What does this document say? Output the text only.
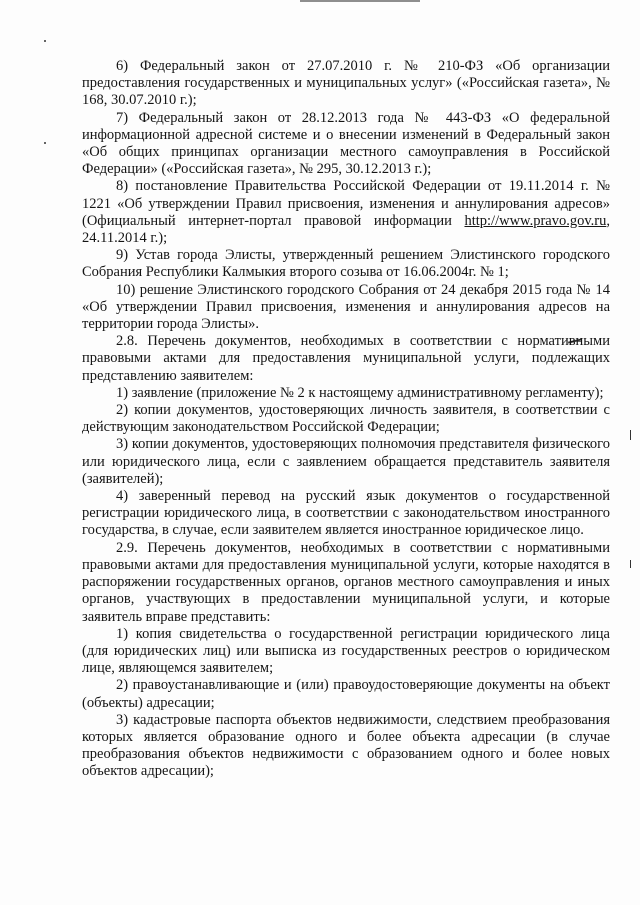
6) Федеральный закон от 27.07.2010 г. № 210-ФЗ «Об организации предоставления государственных и муниципальных услуг» («Российская газета», № 168, 30.07.2010 г.);

7) Федеральный закон от 28.12.2013 года № 443-ФЗ «О федеральной информационной адресной системе и о внесении изменений в Федеральный закон «Об общих принципах организации местного самоуправления в Российской Федерации» («Российская газета», № 295, 30.12.2013 г.);

8) постановление Правительства Российской Федерации от 19.11.2014 г. № 1221 «Об утверждении Правил присвоения, изменения и аннулирования адресов» (Официальный интернет-портал правовой информации http://www.pravo.gov.ru, 24.11.2014 г.);

9) Устав города Элисты, утвержденный решением Элистинского городского Собрания Республики Калмыкия второго созыва от 16.06.2004г. № 1;

10) решение Элистинского городского Собрания от 24 декабря 2015 года № 14 «Об утверждении Правил присвоения, изменения и аннулирования адресов на территории города Элисты».

2.8. Перечень документов, необходимых в соответствии с нормативными правовыми актами для предоставления муниципальной услуги, подлежащих представлению заявителем:

1) заявление (приложение № 2 к настоящему административному регламенту);

2) копии документов, удостоверяющих личность заявителя, в соответствии с действующим законодательством Российской Федерации;

3) копии документов, удостоверяющих полномочия представителя физического или юридического лица, если с заявлением обращается представитель заявителя (заявителей);

4) заверенный перевод на русский язык документов о государственной регистрации юридического лица, в соответствии с законодательством иностранного государства, в случае, если заявителем является иностранное юридическое лицо.

2.9. Перечень документов, необходимых в соответствии с нормативными правовыми актами для предоставления муниципальной услуги, которые находятся в распоряжении государственных органов, органов местного самоуправления и иных органов, участвующих в предоставлении муниципальной услуги, и которые заявитель вправе представить:

1) копия свидетельства о государственной регистрации юридического лица (для юридических лиц) или выписка из государственных реестров о юридическом лице, являющемся заявителем;

2) правоустанавливающие и (или) правоудостоверяющие документы на объект (объекты) адресации;

3) кадастровые паспорта объектов недвижимости, следствием преобразования которых является образование одного и более объекта адресации (в случае преобразования объектов недвижимости с образованием одного и более новых объектов адресации);
